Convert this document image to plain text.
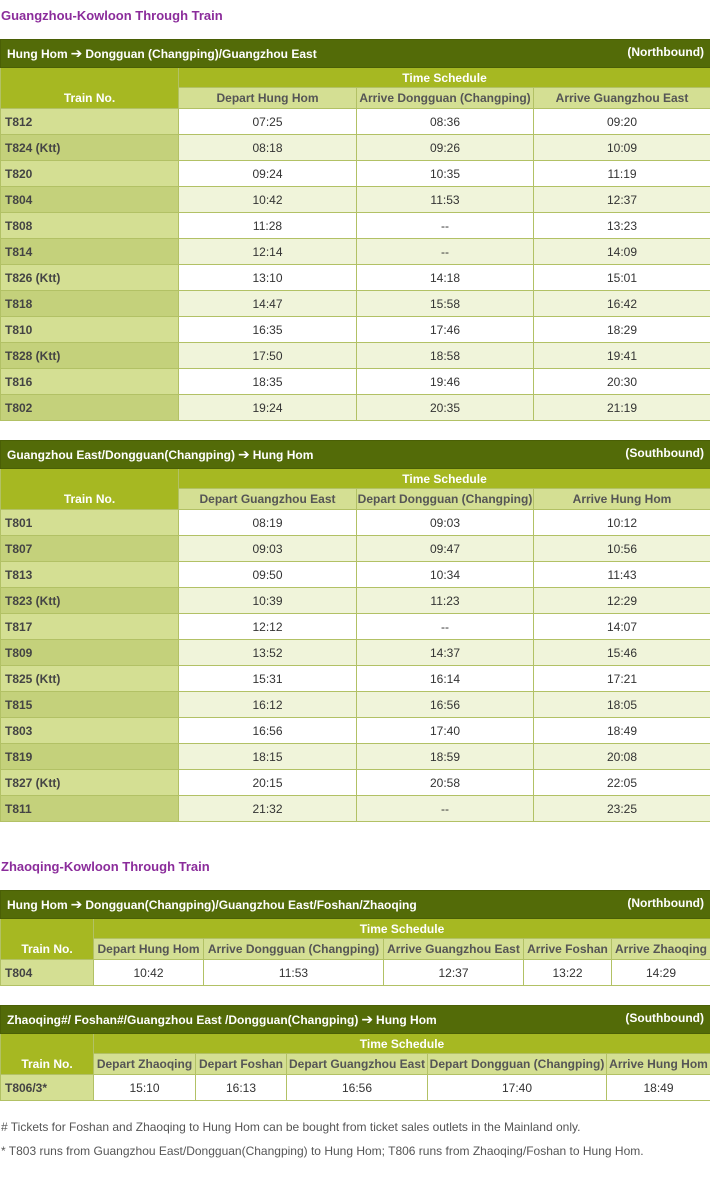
Guangzhou-Kowloon Through Train
(Northbound)
Hung Hom ➔ Dongguan (Changping)/Guangzhou East			
Train No.	Time Schedule		
	Depart Hung Hom	Arrive Dongguan (Changping)	Arrive Guangzhou East
T812	07:25	08:36	09:20
T824 (Ktt)	08:18	09:26	10:09
T820	09:24	10:35	11:19
T804	10:42	11:53	12:37
T808	11:28	--	13:23
T814	12:14	--	14:09
T826 (Ktt)	13:10	14:18	15:01
T818	14:47	15:58	16:42
T810	16:35	17:46	18:29
T828 (Ktt)	17:50	18:58	19:41
T816	18:35	19:46	20:30
T802	19:24	20:35	21:19
(Southbound)
Guangzhou East/Dongguan(Changping) ➔ Hung Hom			
Train No.	Time Schedule		
	Depart Guangzhou East	Depart Dongguan (Changping)	Arrive Hung Hom
T801	08:19	09:03	10:12
T807	09:03	09:47	10:56
T813	09:50	10:34	11:43
T823 (Ktt)	10:39	11:23	12:29
T817	12:12	--	14:07
T809	13:52	14:37	15:46
T825 (Ktt)	15:31	16:14	17:21
T815	16:12	16:56	18:05
T803	16:56	17:40	18:49
T819	18:15	18:59	20:08
T827 (Ktt)	20:15	20:58	22:05
T811	21:32	--	23:25
Zhaoqing-Kowloon Through Train
(Northbound)
Hung Hom ➔ Dongguan(Changping)/Guangzhou East/Foshan/Zhaoqing					
Train No.	Time Schedule				
	Depart Hung Hom	Arrive Dongguan (Changping)	Arrive Guangzhou East	Arrive Foshan	Arrive Zhaoqing
T804	10:42	11:53	12:37	13:22	14:29
(Southbound)
Zhaoqing#/ Foshan#/Guangzhou East /Dongguan(Changping) ➔ Hung Hom					
Train No.	Time Schedule				
	Depart Zhaoqing	Depart Foshan	Depart Guangzhou East	Depart Dongguan (Changping)	Arrive Hung Hom
T806/3*	15:10	16:13	16:56	17:40	18:49
# Tickets for Foshan and Zhaoqing to Hung Hom can be bought from ticket sales outlets in the Mainland only.
* T803 runs from Guangzhou East/Dongguan(Changping) to Hung Hom; T806 runs from Zhaoqing/Foshan to Hung Hom.
